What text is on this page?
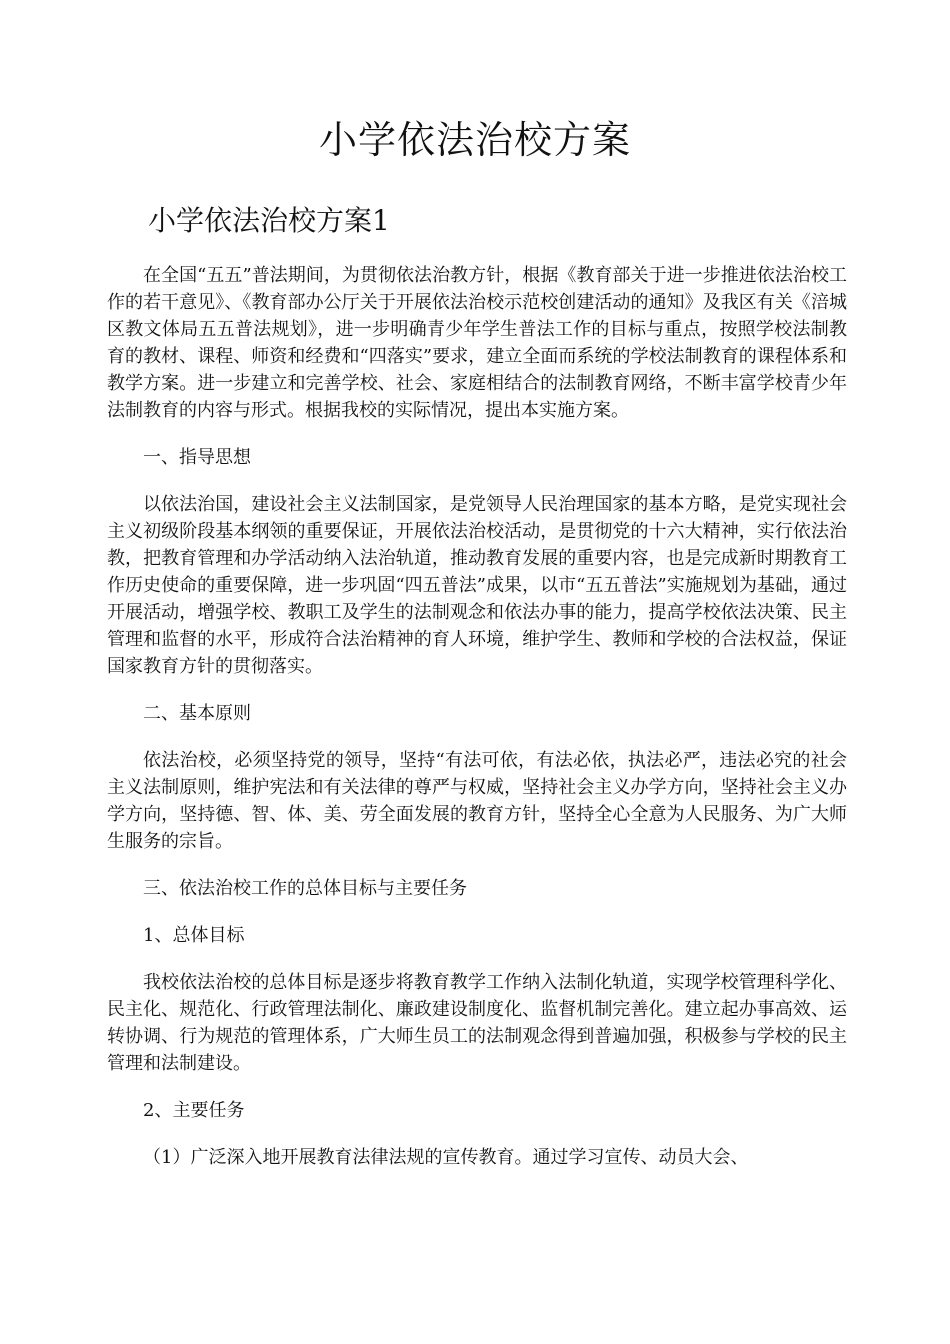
小学依法治校方案
小学依法治校方案1

在全国“五五”普法期间，为贯彻依法治教方针，根据《教育部关于进一步推进依法治校工作的若干意见》、《教育部办公厅关于开展依法治校示范校创建活动的通知》及我区有关《涪城区教文体局五五普法规划》，进一步明确青少年学生普法工作的目标与重点，按照学校法制教育的教材、课程、师资和经费和“四落实”要求，建立全面而系统的学校法制教育的课程体系和教学方案。进一步建立和完善学校、社会、家庭相结合的法制教育网络，不断丰富学校青少年法制教育的内容与形式。根据我校的实际情况，提出本实施方案。

一、指导思想

以依法治国，建设社会主义法制国家，是党领导人民治理国家的基本方略，是党实现社会主义初级阶段基本纲领的重要保证，开展依法治校活动，是贯彻党的十六大精神，实行依法治教，把教育管理和办学活动纳入法治轨道，推动教育发展的重要内容，也是完成新时期教育工作历史使命的重要保障，进一步巩固“四五普法”成果，以市“五五普法”实施规划为基础，通过开展活动，增强学校、教职工及学生的法制观念和依法办事的能力，提高学校依法决策、民主管理和监督的水平，形成符合法治精神的育人环境，维护学生、教师和学校的合法权益，保证国家教育方针的贯彻落实。

二、基本原则

依法治校，必须坚持党的领导，坚持“有法可依，有法必依，执法必严，违法必究的社会主义法制原则，维护宪法和有关法律的尊严与权威，坚持社会主义办学方向，坚持社会主义办学方向，坚持德、智、体、美、劳全面发展的教育方针，坚持全心全意为人民服务、为广大师生服务的宗旨。

三、依法治校工作的总体目标与主要任务

1、总体目标

我校依法治校的总体目标是逐步将教育教学工作纳入法制化轨道，实现学校管理科学化、民主化、规范化、行政管理法制化、廉政建设制度化、监督机制完善化。建立起办事高效、运转协调、行为规范的管理体系，广大师生员工的法制观念得到普遍加强，积极参与学校的民主管理和法制建设。

2、主要任务

（1）广泛深入地开展教育法律法规的宣传教育。通过学习宣传、动员大会、
